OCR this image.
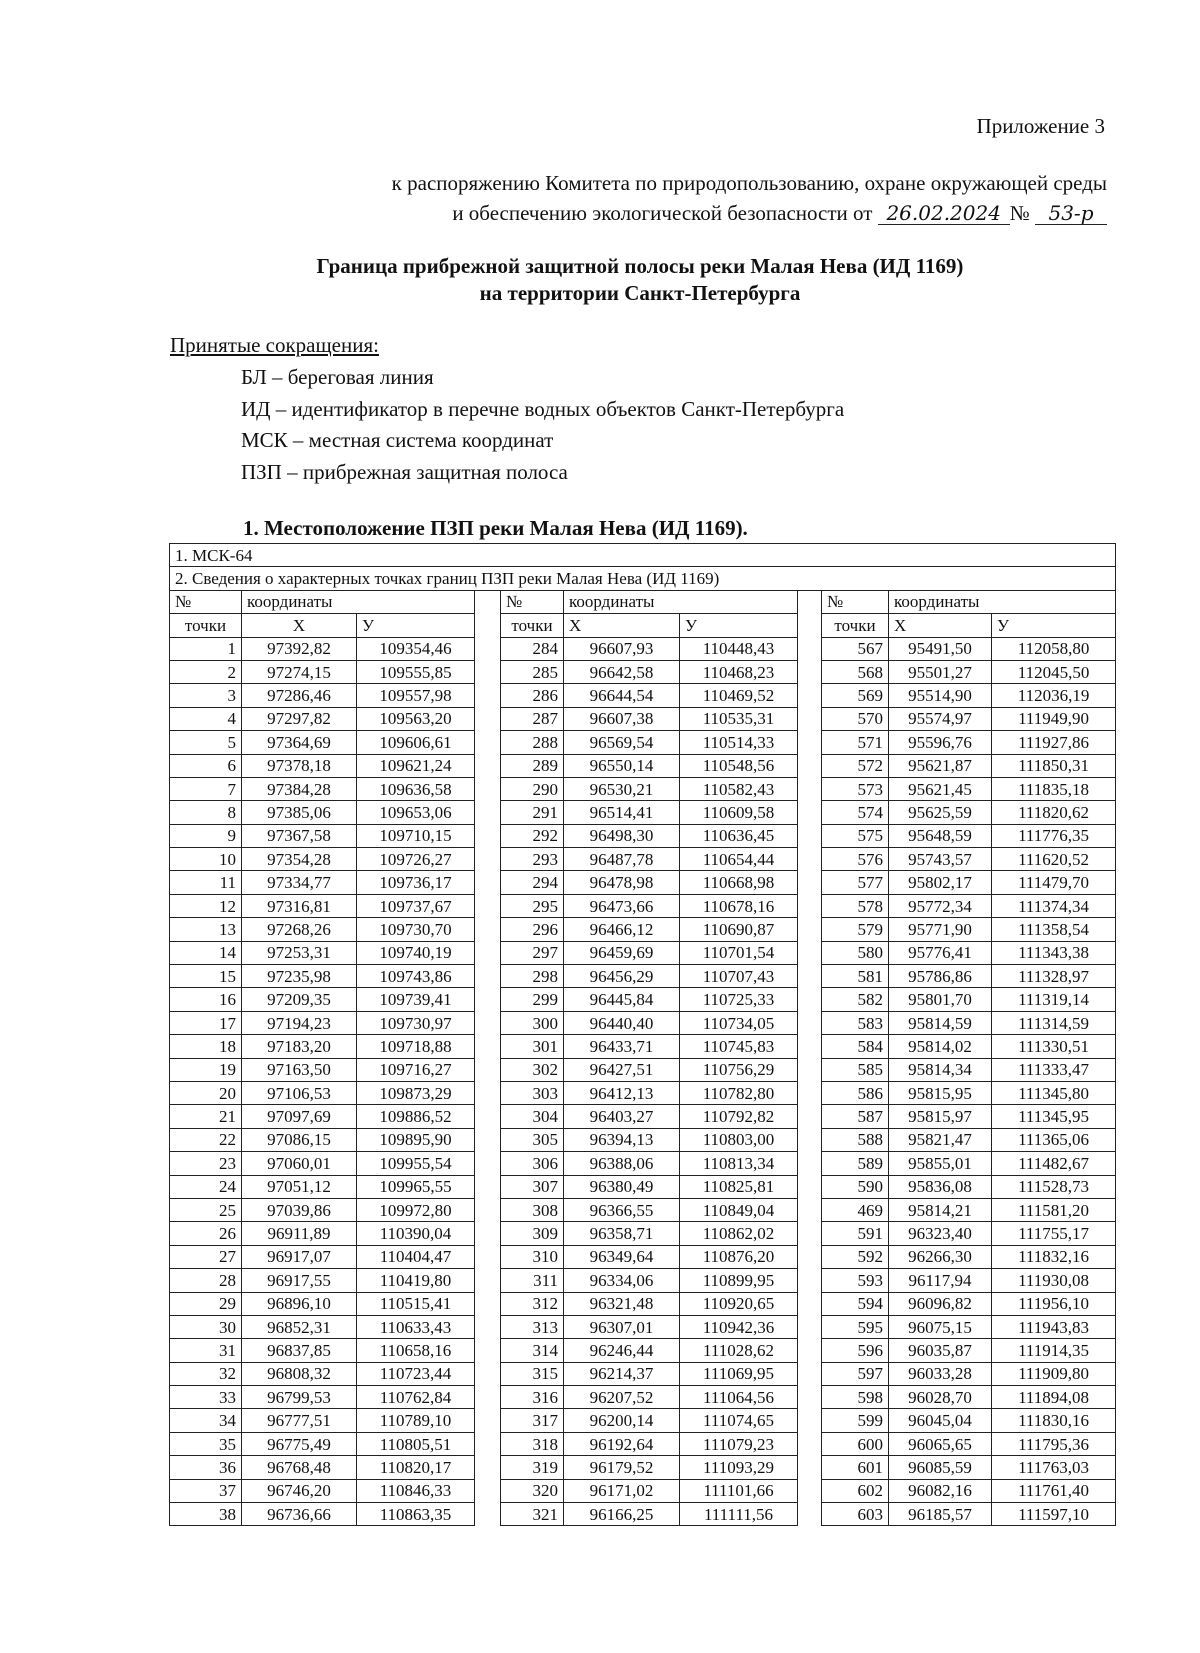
Приложение 3
к распоряжению Комитета по природопользованию, охране окружающей среды
и обеспечению экологической безопасности от 26.02.2024 № 53-р
Граница прибрежной защитной полосы реки Малая Нева (ИД 1169)
на территории Санкт-Петербурга
Принятые сокращения:
БЛ – береговая линия
ИД – идентификатор в перечне водных объектов Санкт-Петербурга
МСК – местная система координат
ПЗП – прибрежная защитная полоса
1. Местоположение ПЗП реки Малая Нева (ИД 1169).
1. МСК-64										
2. Сведения о характерных точках границ ПЗП реки Малая Нева (ИД 1169)										
№	координаты			№	координаты			№	координаты	
точки	Х	У		точки	Х	У		точки	Х	У
1	97392,82	109354,46		284	96607,93	110448,43		567	95491,50	112058,80
2	97274,15	109555,85		285	96642,58	110468,23		568	95501,27	112045,50
3	97286,46	109557,98		286	96644,54	110469,52		569	95514,90	112036,19
4	97297,82	109563,20		287	96607,38	110535,31		570	95574,97	111949,90
5	97364,69	109606,61		288	96569,54	110514,33		571	95596,76	111927,86
6	97378,18	109621,24		289	96550,14	110548,56		572	95621,87	111850,31
7	97384,28	109636,58		290	96530,21	110582,43		573	95621,45	111835,18
8	97385,06	109653,06		291	96514,41	110609,58		574	95625,59	111820,62
9	97367,58	109710,15		292	96498,30	110636,45		575	95648,59	111776,35
10	97354,28	109726,27		293	96487,78	110654,44		576	95743,57	111620,52
11	97334,77	109736,17		294	96478,98	110668,98		577	95802,17	111479,70
12	97316,81	109737,67		295	96473,66	110678,16		578	95772,34	111374,34
13	97268,26	109730,70		296	96466,12	110690,87		579	95771,90	111358,54
14	97253,31	109740,19		297	96459,69	110701,54		580	95776,41	111343,38
15	97235,98	109743,86		298	96456,29	110707,43		581	95786,86	111328,97
16	97209,35	109739,41		299	96445,84	110725,33		582	95801,70	111319,14
17	97194,23	109730,97		300	96440,40	110734,05		583	95814,59	111314,59
18	97183,20	109718,88		301	96433,71	110745,83		584	95814,02	111330,51
19	97163,50	109716,27		302	96427,51	110756,29		585	95814,34	111333,47
20	97106,53	109873,29		303	96412,13	110782,80		586	95815,95	111345,80
21	97097,69	109886,52		304	96403,27	110792,82		587	95815,97	111345,95
22	97086,15	109895,90		305	96394,13	110803,00		588	95821,47	111365,06
23	97060,01	109955,54		306	96388,06	110813,34		589	95855,01	111482,67
24	97051,12	109965,55		307	96380,49	110825,81		590	95836,08	111528,73
25	97039,86	109972,80		308	96366,55	110849,04		469	95814,21	111581,20
26	96911,89	110390,04		309	96358,71	110862,02		591	96323,40	111755,17
27	96917,07	110404,47		310	96349,64	110876,20		592	96266,30	111832,16
28	96917,55	110419,80		311	96334,06	110899,95		593	96117,94	111930,08
29	96896,10	110515,41		312	96321,48	110920,65		594	96096,82	111956,10
30	96852,31	110633,43		313	96307,01	110942,36		595	96075,15	111943,83
31	96837,85	110658,16		314	96246,44	111028,62		596	96035,87	111914,35
32	96808,32	110723,44		315	96214,37	111069,95		597	96033,28	111909,80
33	96799,53	110762,84		316	96207,52	111064,56		598	96028,70	111894,08
34	96777,51	110789,10		317	96200,14	111074,65		599	96045,04	111830,16
35	96775,49	110805,51		318	96192,64	111079,23		600	96065,65	111795,36
36	96768,48	110820,17		319	96179,52	111093,29		601	96085,59	111763,03
37	96746,20	110846,33		320	96171,02	111101,66		602	96082,16	111761,40
38	96736,66	110863,35		321	96166,25	111111,56		603	96185,57	111597,10
